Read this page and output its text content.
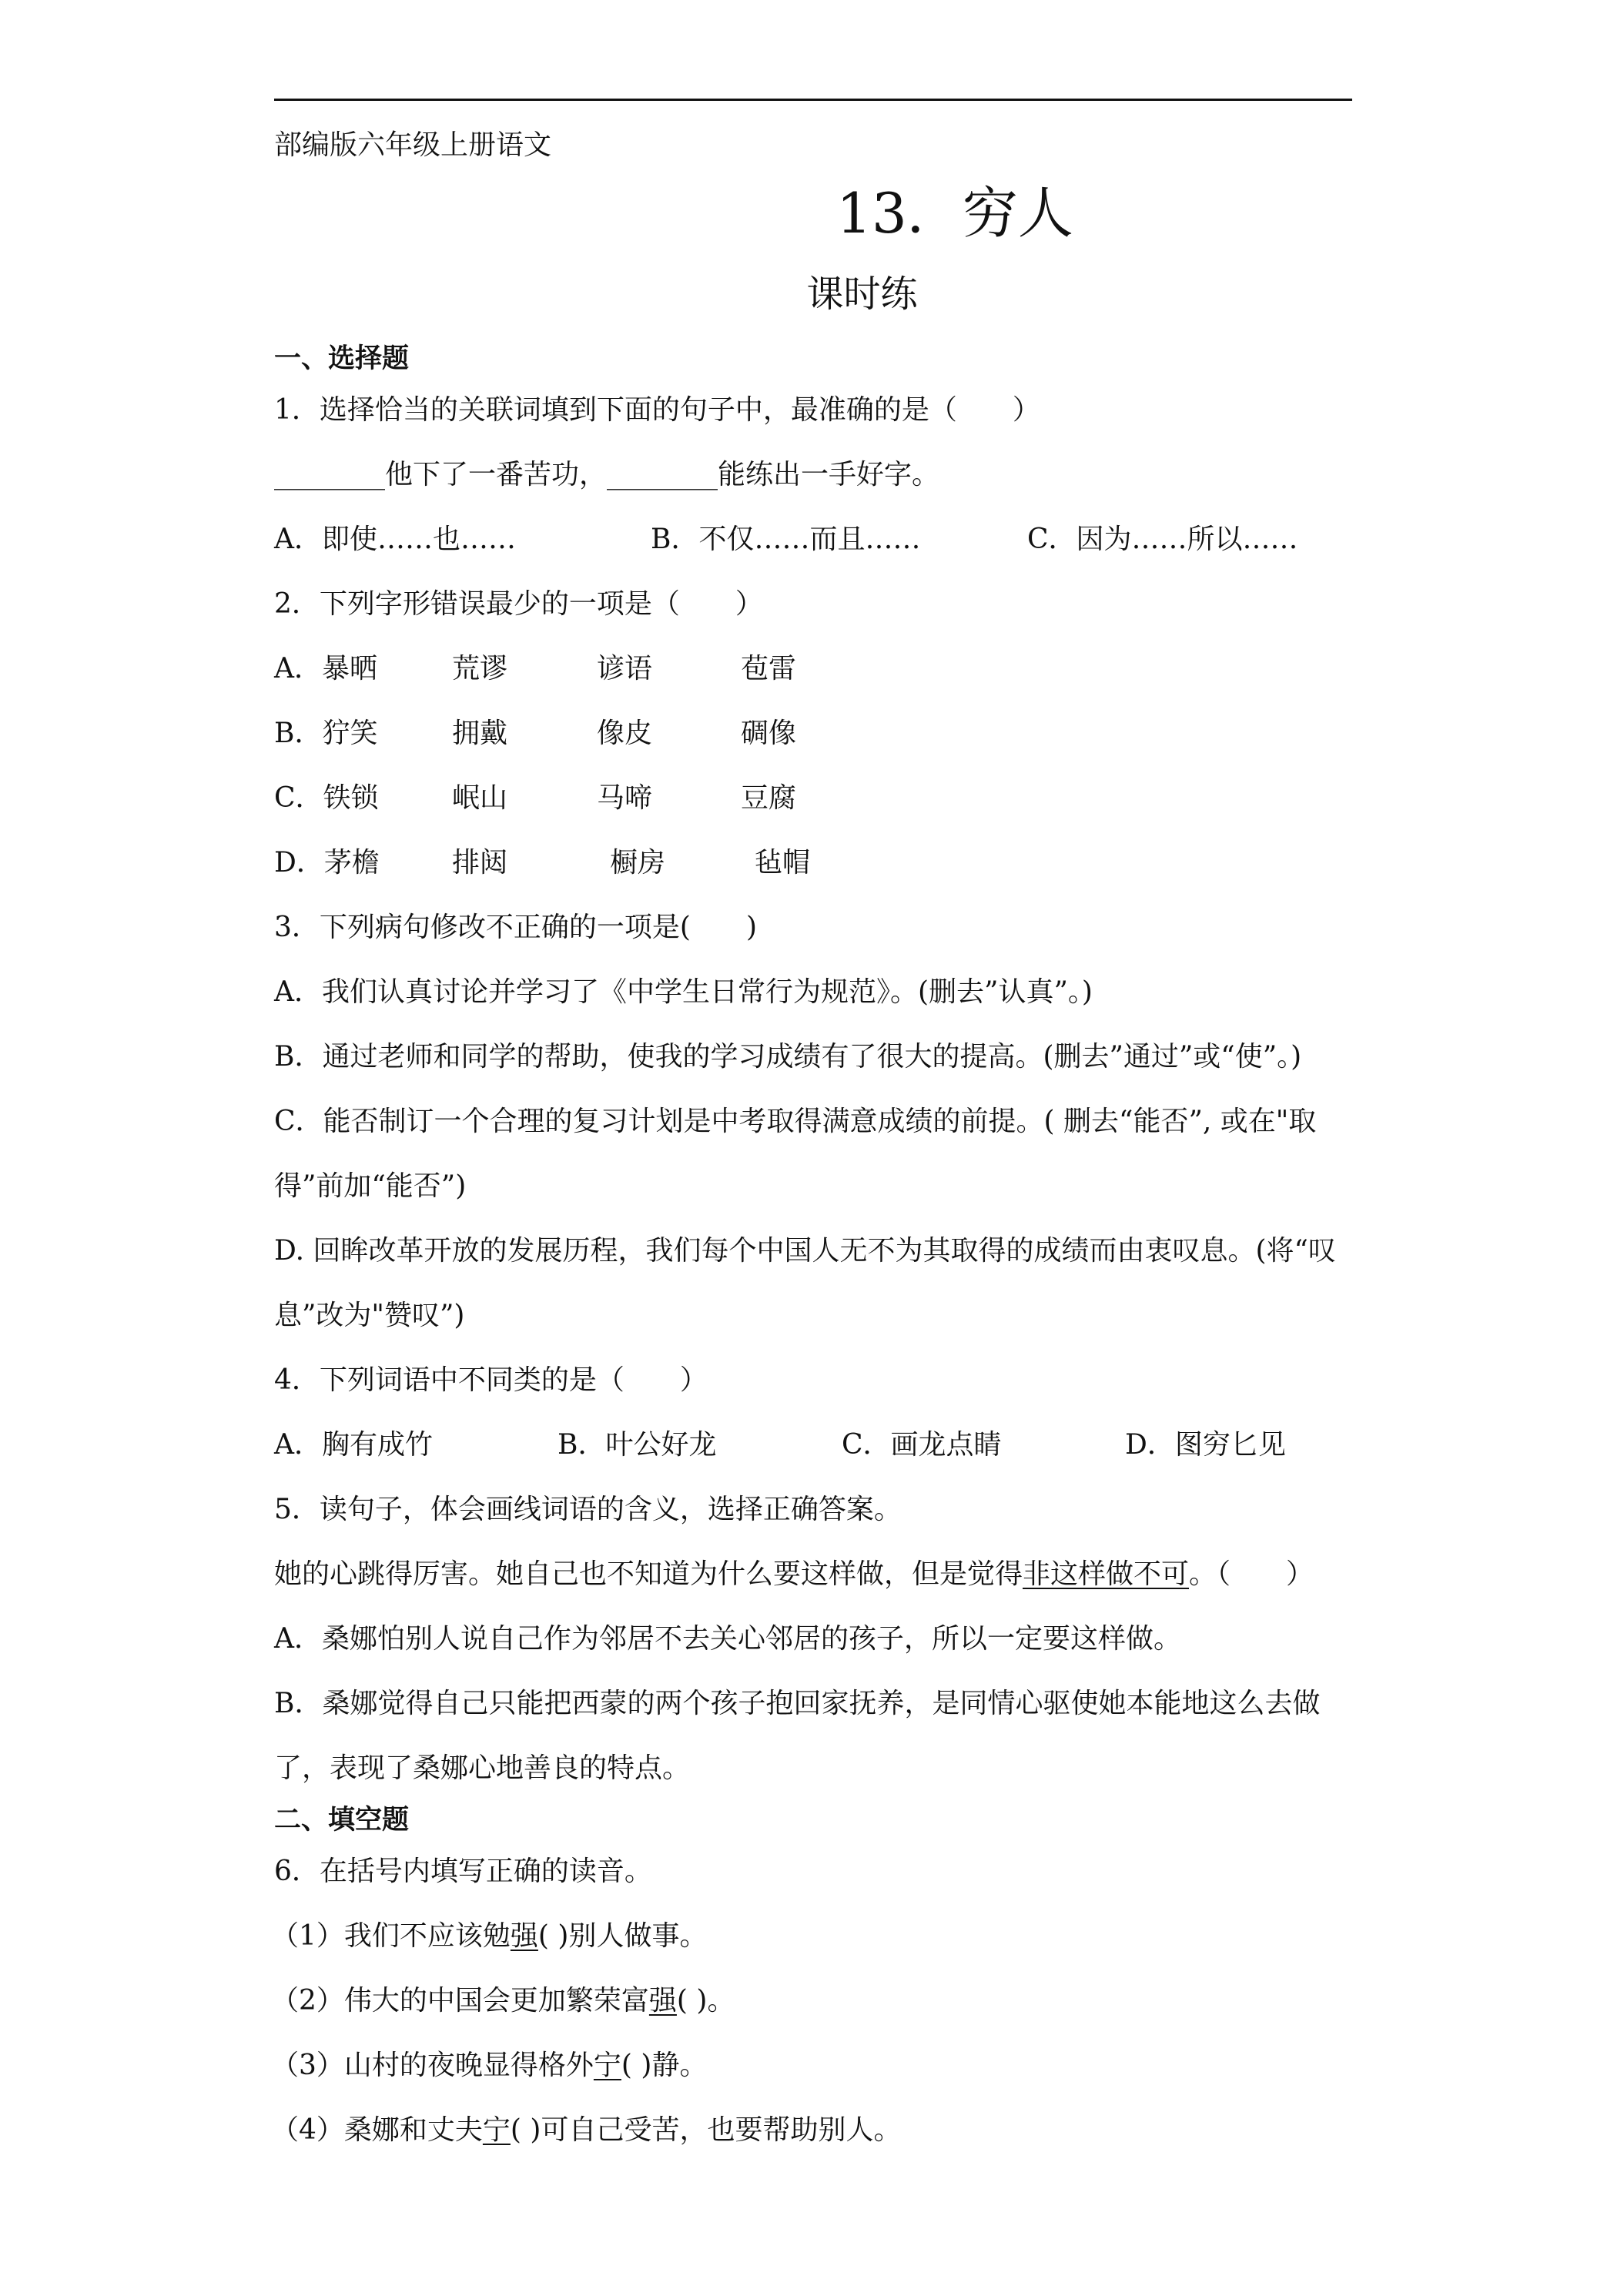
部编版六年级上册语文
13．穷人
课时练
一、选择题
1．选择恰当的关联词填到下面的句子中，最准确的是（　　）
________他下了一番苦功，________能练出一手好字。
A．即使……也……	B．不仅……而且……	C．因为……所以……
2．下列字形错误最少的一项是（　　）
A．暴晒	荒谬	谚语	苞雷
B．狞笑	拥戴	像皮	碉像
C．铁锁	岷山	马啼	豆腐
D．茅檐	排闼	橱房	毡帽
3．下列病句修改不正确的一项是(　　)
A．我们认真讨论并学习了《中学生日常行为规范》。(删去”认真”。)
B．通过老师和同学的帮助，使我的学习成绩有了很大的提高。(删去”通过”或“使”。)
C．能否制订一个合理的复习计划是中考取得满意成绩的前提。( 删去“能否”, 或在"取
得”前加“能否”)
D. 回眸改革开放的发展历程，我们每个中国人无不为其取得的成绩而由衷叹息。(将“叹
息”改为"赞叹”)
4．下列词语中不同类的是（　　）
A．胸有成竹	B．叶公好龙	C．画龙点睛	D．图穷匕见
5．读句子，体会画线词语的含义，选择正确答案。
她的心跳得厉害。她自己也不知道为什么要这样做，但是觉得非这样做不可。（　　）
A．桑娜怕别人说自己作为邻居不去关心邻居的孩子，所以一定要这样做。
B．桑娜觉得自己只能把西蒙的两个孩子抱回家抚养，是同情心驱使她本能地这么去做
了，表现了桑娜心地善良的特点。
二、填空题
6．在括号内填写正确的读音。
（1）我们不应该勉强( )别人做事。
（2）伟大的中国会更加繁荣富强( )。
（3）山村的夜晚显得格外宁( )静。
（4）桑娜和丈夫宁( )可自己受苦，也要帮助别人。
